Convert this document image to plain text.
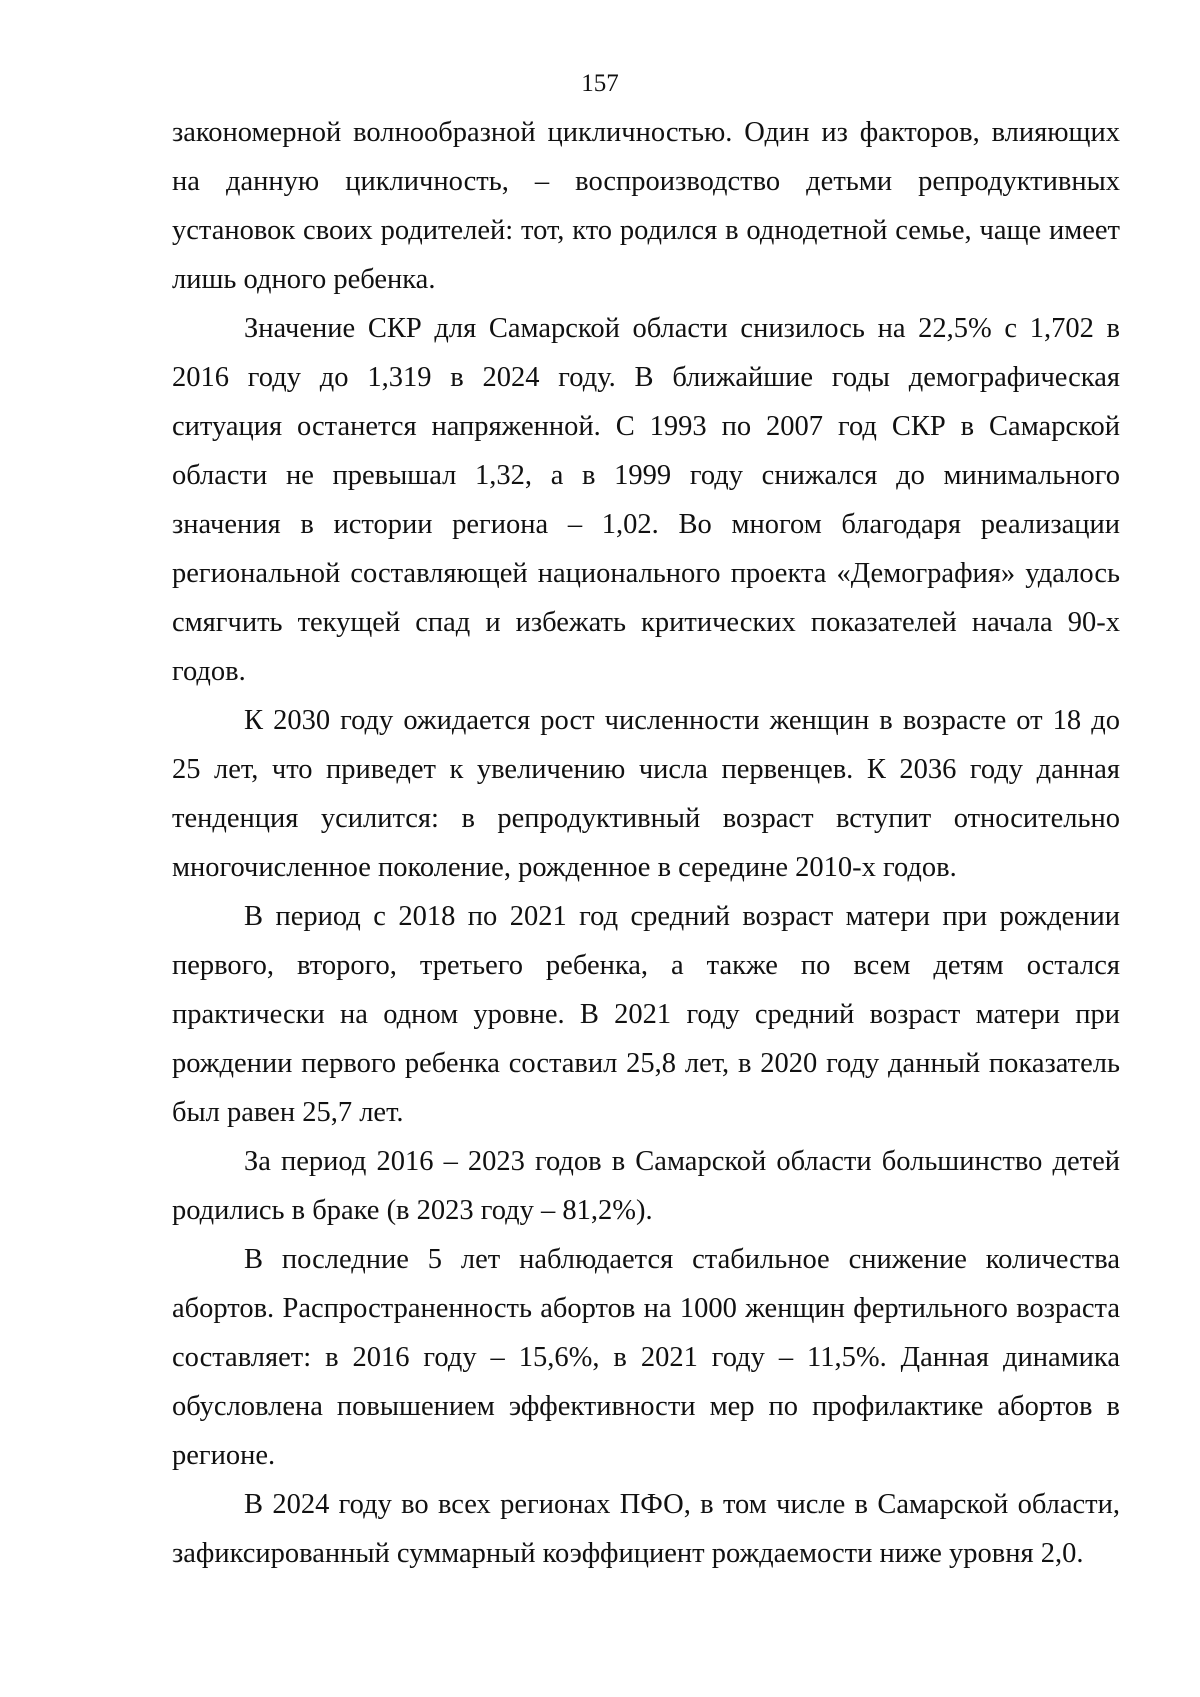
157

закономерной волнообразной цикличностью. Один из факторов, влияющих на данную цикличность, – воспроизводство детьми репродуктивных установок своих родителей: тот, кто родился в однодетной семье, чаще имеет лишь одного ребенка.

Значение СКР для Самарской области снизилось на 22,5% с 1,702 в 2016 году до 1,319 в 2024 году. В ближайшие годы демографическая ситуация останется напряженной. С 1993 по 2007 год СКР в Самарской области не превышал 1,32, а в 1999 году снижался до минимального значения в истории региона – 1,02. Во многом благодаря реализации региональной составляющей национального проекта «Демография» удалось смягчить текущей спад и избежать критических показателей начала 90-х годов.

К 2030 году ожидается рост численности женщин в возрасте от 18 до 25 лет, что приведет к увеличению числа первенцев. К 2036 году данная тенденция усилится: в репродуктивный возраст вступит относительно многочисленное поколение, рожденное в середине 2010-х годов.

В период с 2018 по 2021 год средний возраст матери при рождении первого, второго, третьего ребенка, а также по всем детям остался практически на одном уровне. В 2021 году средний возраст матери при рождении первого ребенка составил 25,8 лет, в 2020 году данный показатель был равен 25,7 лет.

За период 2016 – 2023 годов в Самарской области большинство детей родились в браке (в 2023 году – 81,2%).

В последние 5 лет наблюдается стабильное снижение количества абортов. Распространенность абортов на 1000 женщин фертильного возраста составляет: в 2016 году – 15,6%, в 2021 году – 11,5%. Данная динамика обусловлена повышением эффективности мер по профилактике абортов в регионе.

В 2024 году во всех регионах ПФО, в том числе в Самарской области, зафиксированный суммарный коэффициент рождаемости ниже уровня 2,0.
